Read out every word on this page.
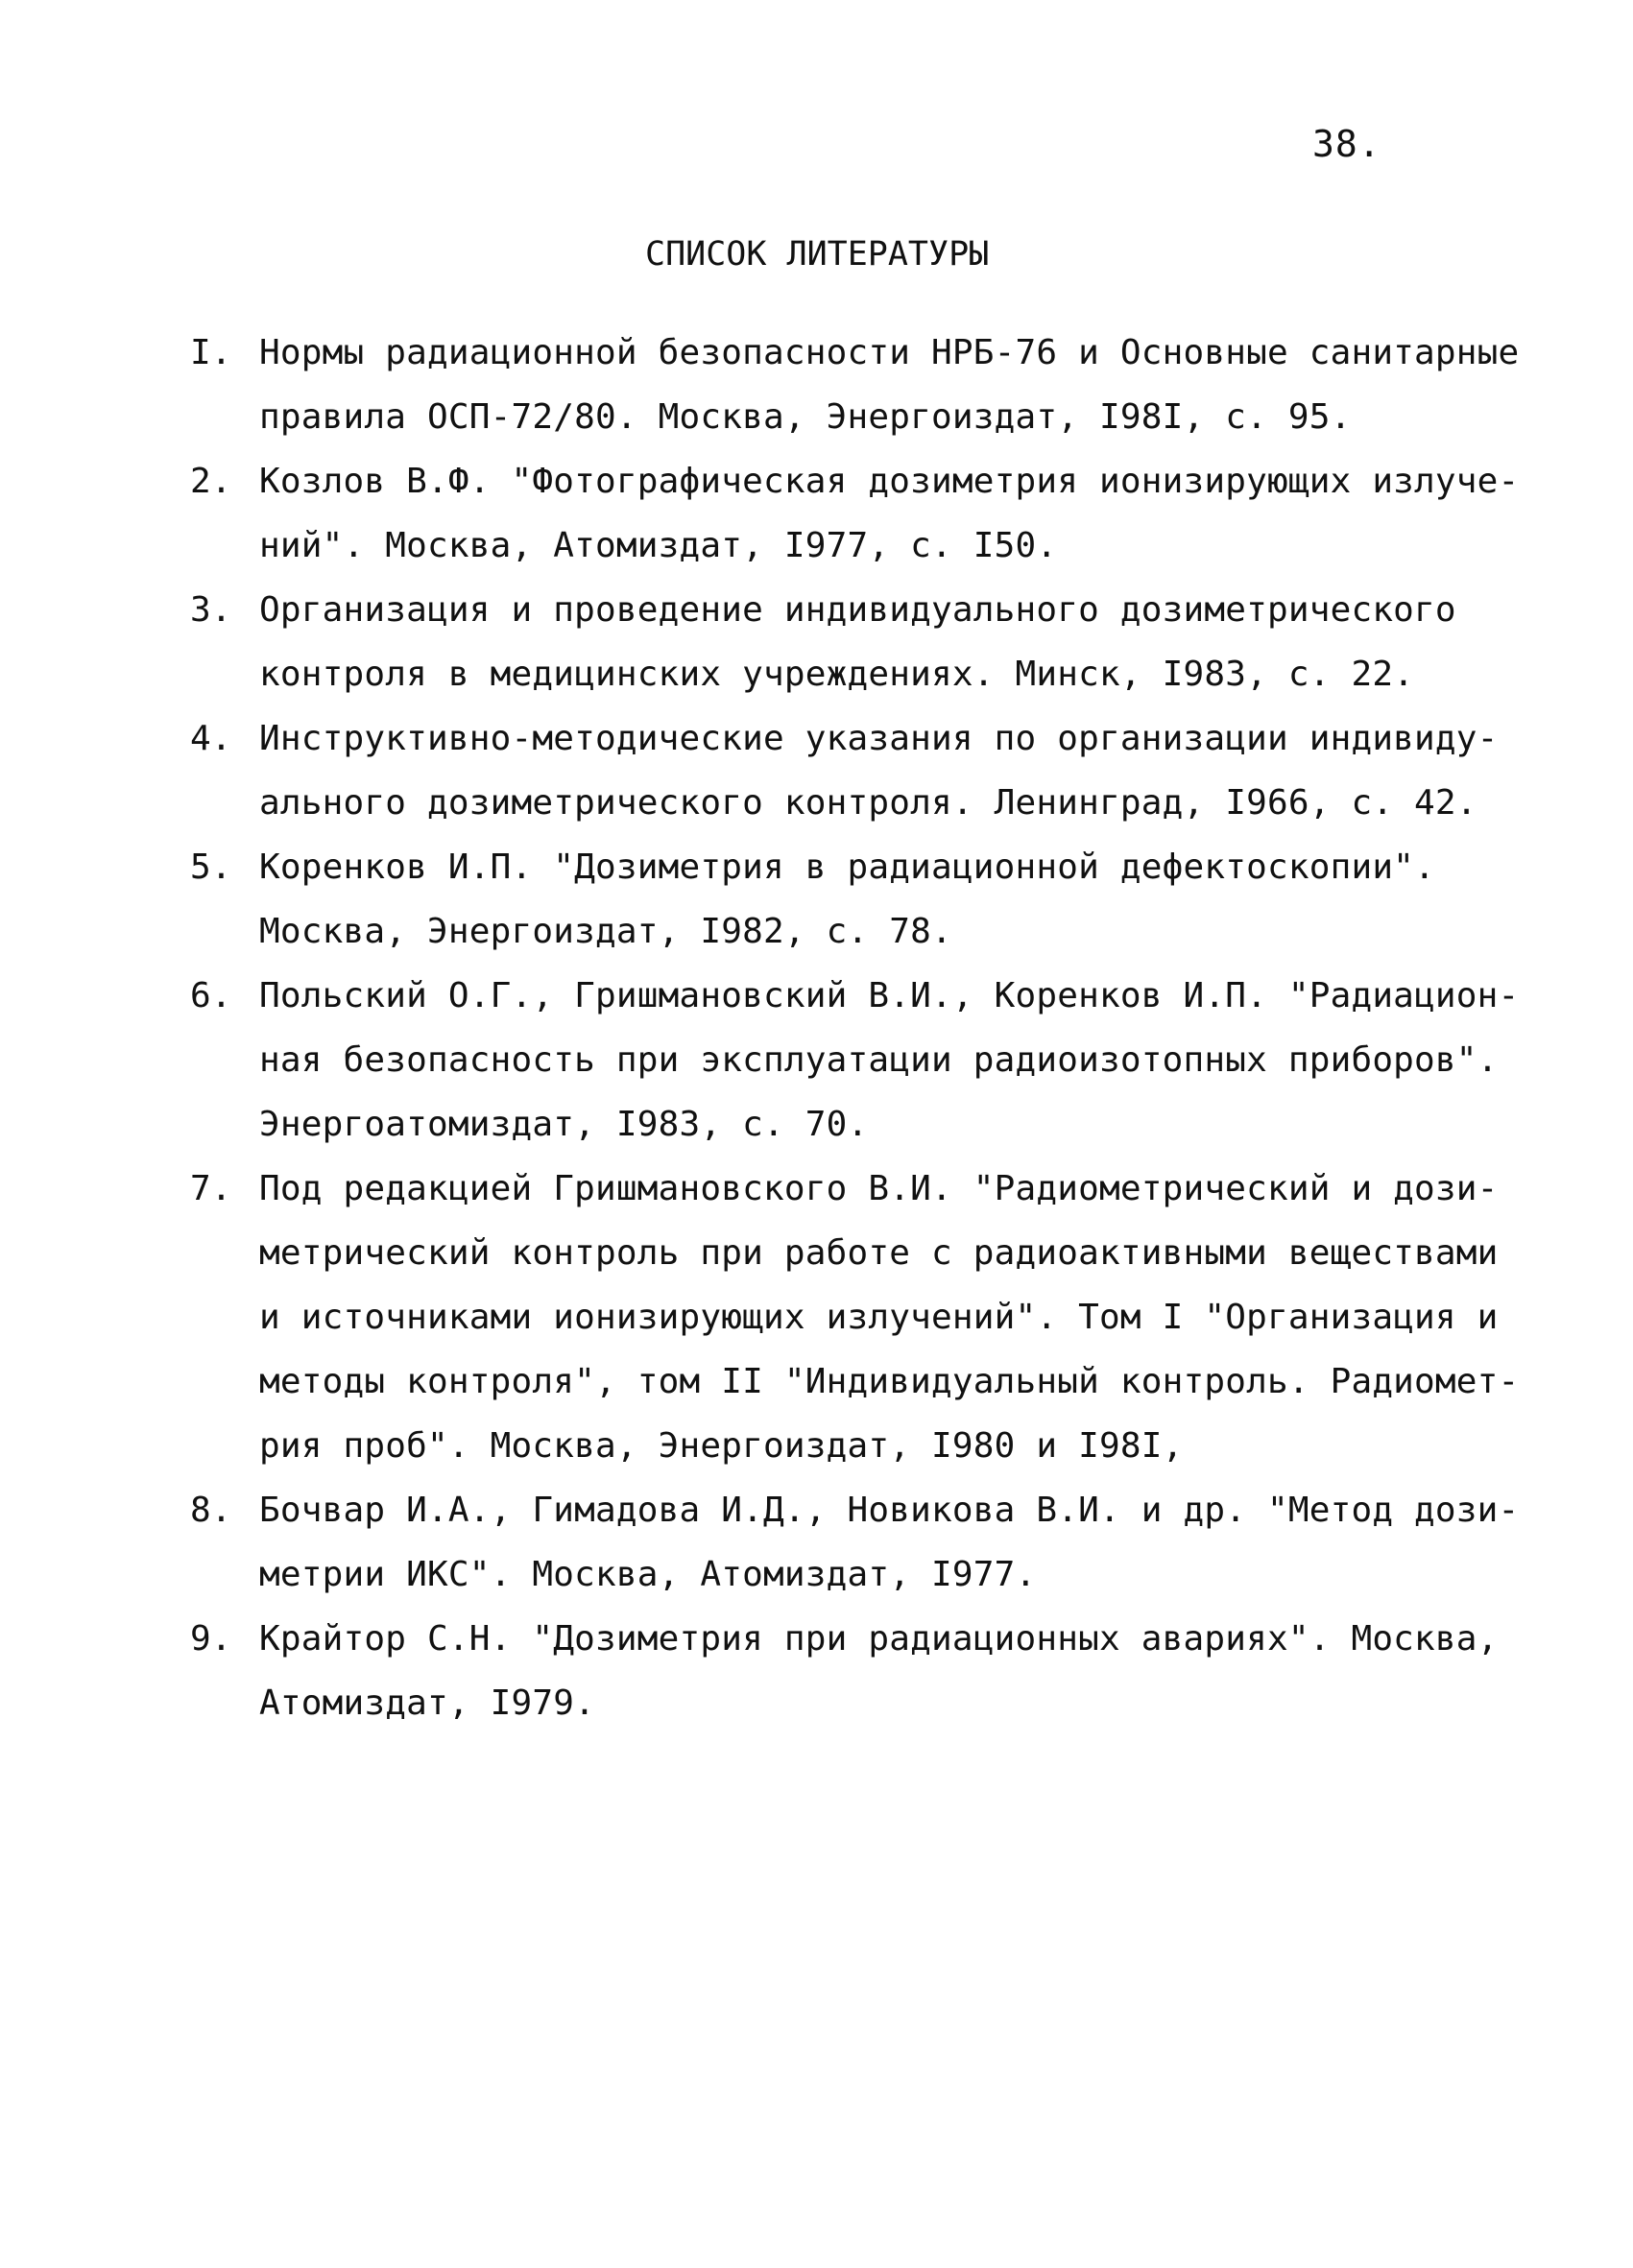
38.
СПИСОК ЛИТЕРАТУРЫ
I. Нормы радиационной безопасности НРБ-76 и Основные санитарные
правила ОСП-72/80. Москва, Энергоиздат, I98I, с. 95.
2. Козлов В.Ф. "Фотографическая дозиметрия ионизирующих излуче-
ний". Москва, Атомиздат, I977, с. I50.
3. Организация и проведение индивидуального дозиметрического
контроля в медицинских учреждениях. Минск, I983, с. 22.
4. Инструктивно-методические указания по организации индивиду-
ального дозиметрического контроля. Ленинград, I966, с. 42.
5. Коренков И.П. "Дозиметрия в радиационной дефектоскопии".
Москва, Энергоиздат, I982, с. 78.
6. Польский О.Г., Гришмановский В.И., Коренков И.П. "Радиацион-
ная безопасность при эксплуатации радиоизотопных приборов".
Энергоатомиздат, I983, с. 70.
7. Под редакцией Гришмановского В.И. "Радиометрический и дози-
метрический контроль при работе с радиоактивными веществами
и источниками ионизирующих излучений". Том I "Организация и
методы контроля", том II "Индивидуальный контроль. Радиомет-
рия проб". Москва, Энергоиздат, I980 и I98I,
8. Бочвар И.А., Гимадова И.Д., Новикова В.И. и др. "Метод дози-
метрии ИКС". Москва, Атомиздат, I977.
9. Крайтор С.Н. "Дозиметрия при радиационных авариях". Москва,
Атомиздат, I979.
